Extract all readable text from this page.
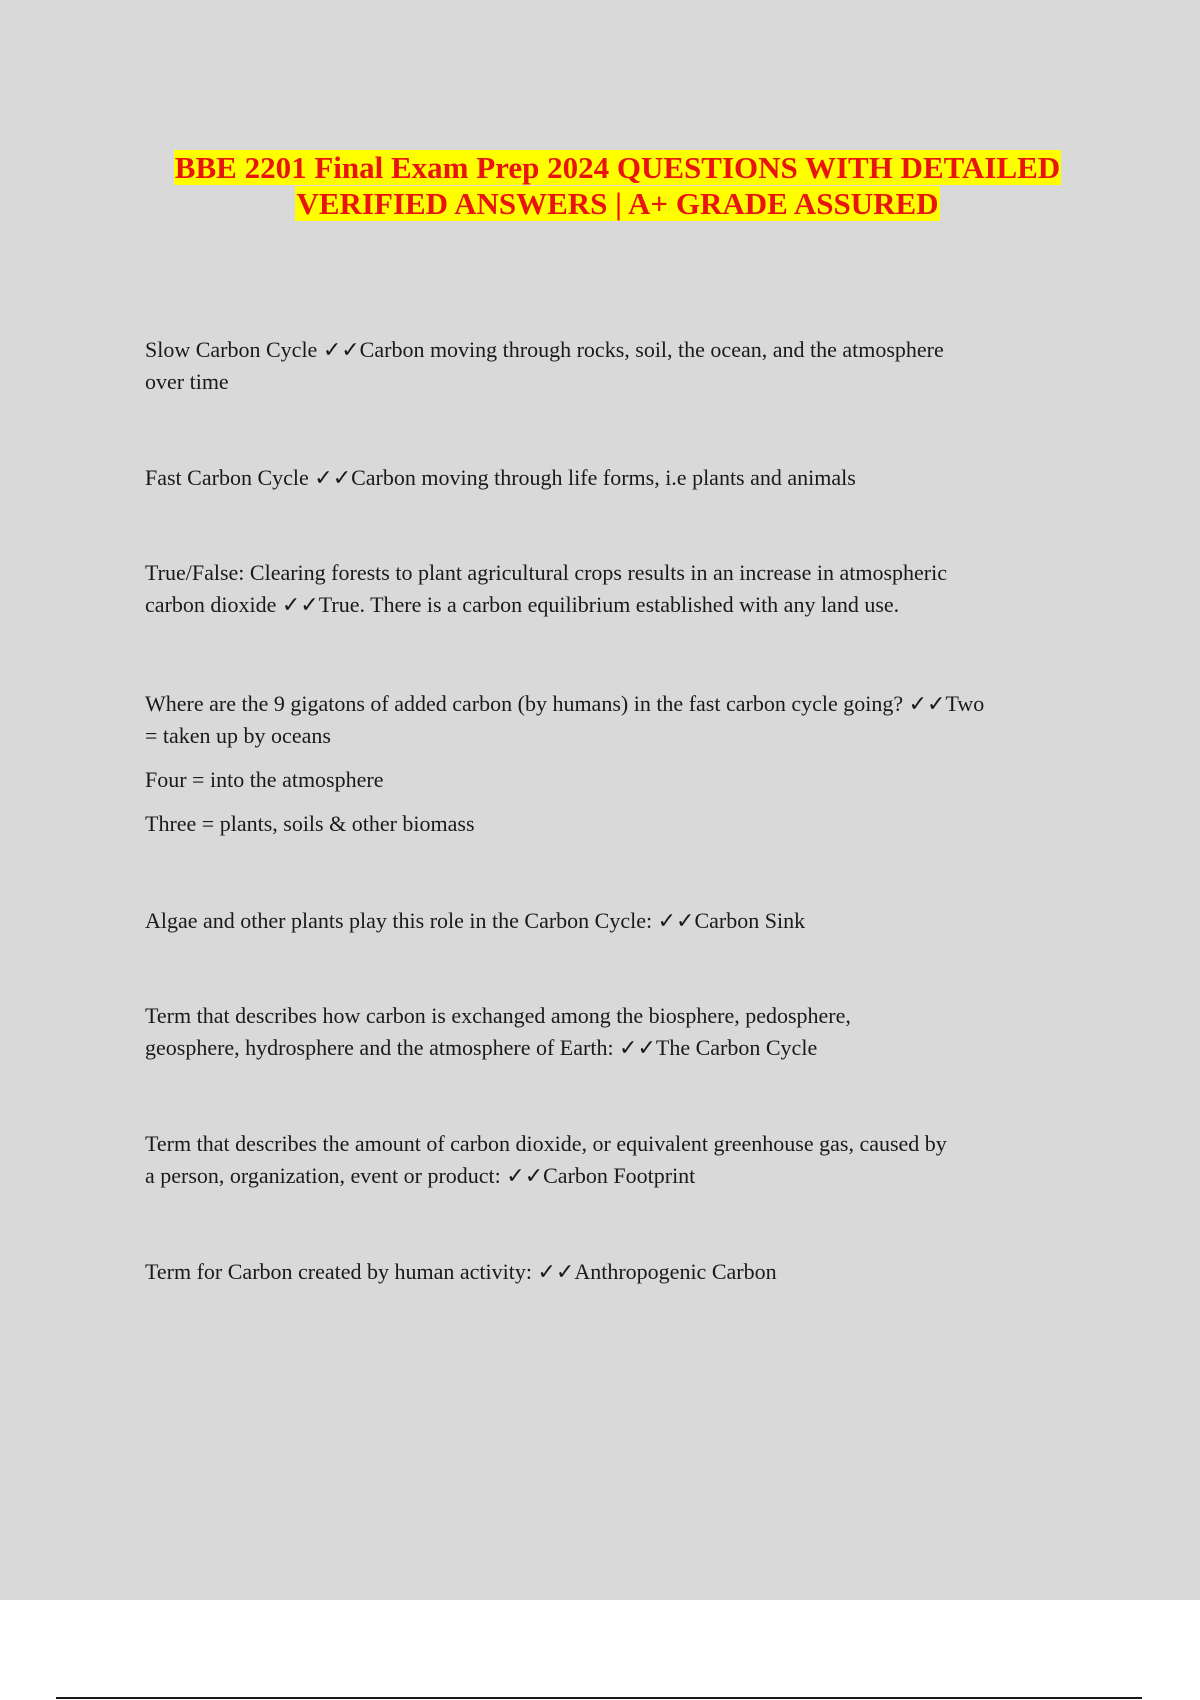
BBE 2201 Final Exam Prep 2024 QUESTIONS WITH DETAILED
VERIFIED ANSWERS | A+ GRADE ASSURED

Slow Carbon Cycle ✓✓Carbon moving through rocks, soil, the ocean, and the atmosphere

over time

Fast Carbon Cycle ✓✓Carbon moving through life forms, i.e plants and animals

True/False: Clearing forests to plant agricultural crops results in an increase in atmospheric

carbon dioxide ✓✓True. There is a carbon equilibrium established with any land use.

Where are the 9 gigatons of added carbon (by humans) in the fast carbon cycle going? ✓✓Two

= taken up by oceans

Four = into the atmosphere

Three = plants, soils & other biomass

Algae and other plants play this role in the Carbon Cycle: ✓✓Carbon Sink

Term that describes how carbon is exchanged among the biosphere, pedosphere,

geosphere, hydrosphere and the atmosphere of Earth: ✓✓The Carbon Cycle

Term that describes the amount of carbon dioxide, or equivalent greenhouse gas, caused by

a person, organization, event or product: ✓✓Carbon Footprint

Term for Carbon created by human activity: ✓✓Anthropogenic Carbon
